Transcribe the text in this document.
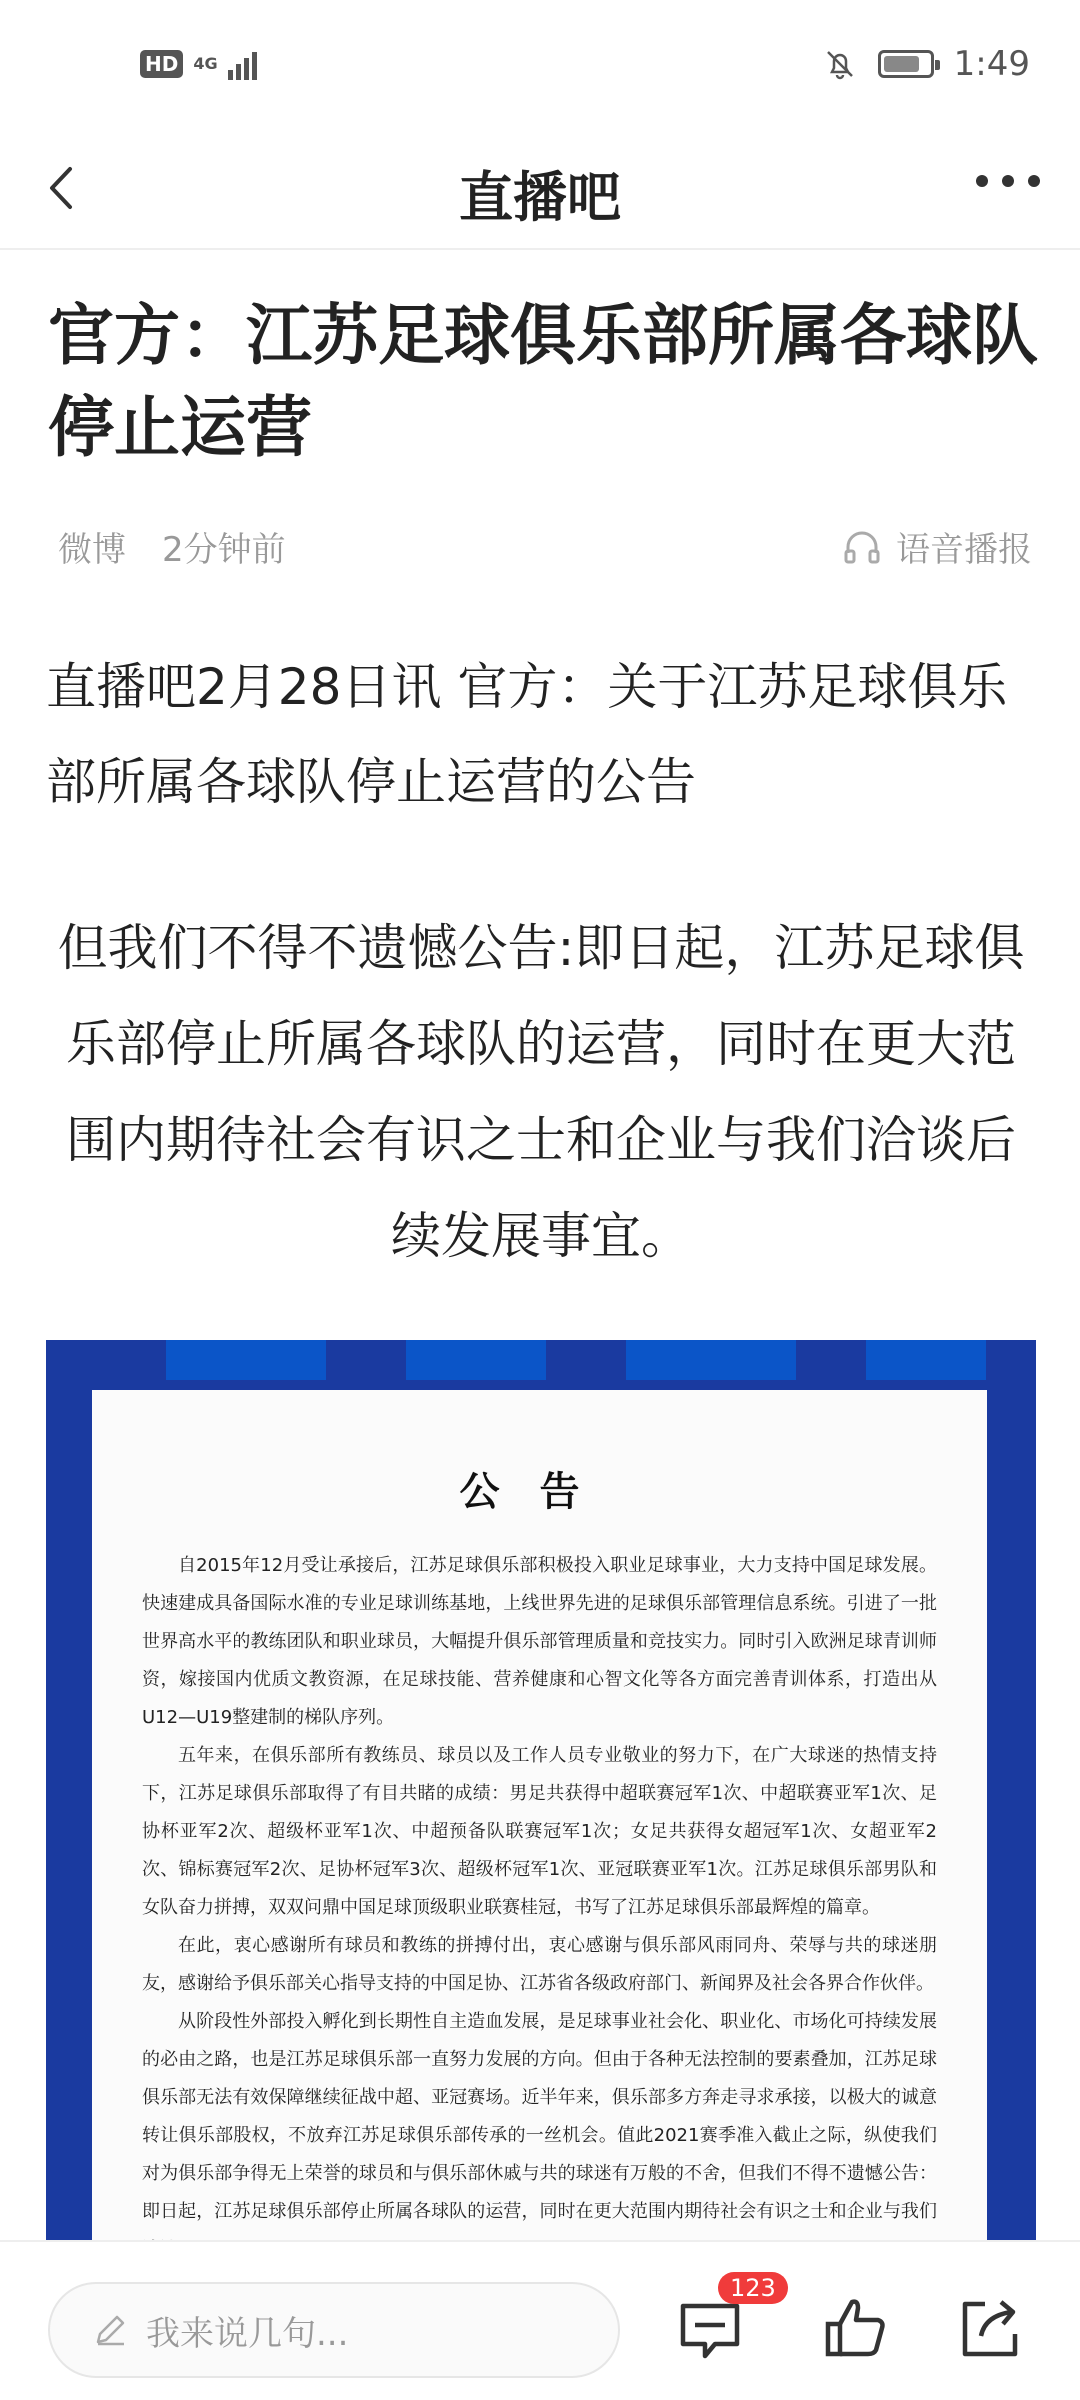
HD 4G	1:49
直播吧
官方：江苏足球俱乐部所属各球队停止运营
微博 2分钟前	语音播报
直播吧2月28日讯 官方：关于江苏足球俱乐部所属各球队停止运营的公告
但我们不得不遗憾公告:即日起，江苏足球俱乐部停止所属各球队的运营，同时在更大范围内期待社会有识之士和企业与我们洽谈后续发展事宜。
公告

自2015年12月受让承接后，江苏足球俱乐部积极投入职业足球事业，大力支持中国足球发展。快速建成具备国际水准的专业足球训练基地，上线世界先进的足球俱乐部管理信息系统。引进了一批世界高水平的教练团队和职业球员，大幅提升俱乐部管理质量和竞技实力。同时引入欧洲足球青训师资，嫁接国内优质文教资源，在足球技能、营养健康和心智文化等各方面完善青训体系，打造出从U12—U19整建制的梯队序列。

五年来，在俱乐部所有教练员、球员以及工作人员专业敬业的努力下，在广大球迷的热情支持下，江苏足球俱乐部取得了有目共睹的成绩：男足共获得中超联赛冠军1次、中超联赛亚军1次、足协杯亚军2次、超级杯亚军1次、中超预备队联赛冠军1次；女足共获得女超冠军1次、女超亚军2次、锦标赛冠军2次、足协杯冠军3次、超级杯冠军1次、亚冠联赛亚军1次。江苏足球俱乐部男队和女队奋力拼搏，双双问鼎中国足球顶级职业联赛桂冠，书写了江苏足球俱乐部最辉煌的篇章。

在此，衷心感谢所有球员和教练的拼搏付出，衷心感谢与俱乐部风雨同舟、荣辱与共的球迷朋友，感谢给予俱乐部关心指导支持的中国足协、江苏省各级政府部门、新闻界及社会各界合作伙伴。

从阶段性外部投入孵化到长期性自主造血发展，是足球事业社会化、职业化、市场化可持续发展的必由之路，也是江苏足球俱乐部一直努力发展的方向。但由于各种无法控制的要素叠加，江苏足球俱乐部无法有效保障继续征战中超、亚冠赛场。近半年来，俱乐部多方奔走寻求承接，以极大的诚意转让俱乐部股权，不放弃江苏足球俱乐部传承的一丝机会。值此2021赛季准入截止之际，纵使我们对为俱乐部争得无上荣誉的球员和与俱乐部休戚与共的球迷有万般的不舍，但我们不得不遗憾公告：即日起，江苏足球俱乐部停止所属各球队的运营，同时在更大范围内期待社会有识之士和企业与我们

我来说几句...
123
